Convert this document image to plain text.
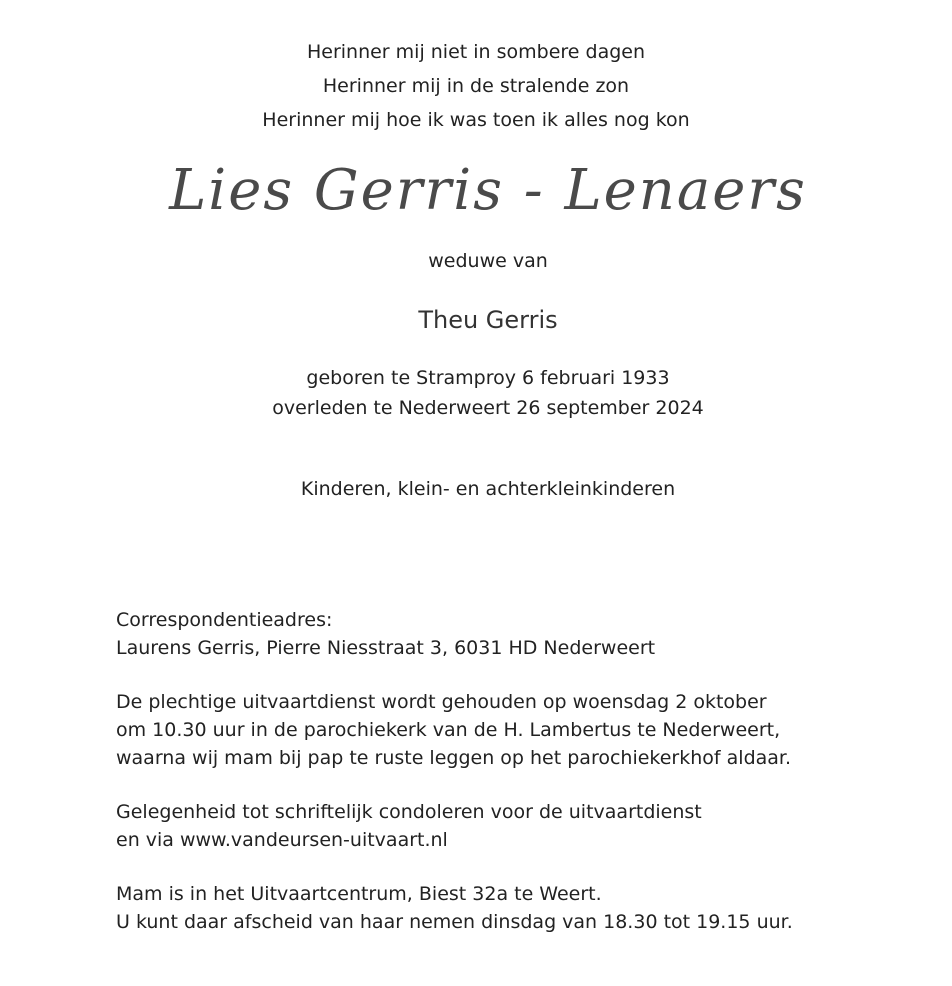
Herinner mij niet in sombere dagen
Herinner mij in de stralende zon
Herinner mij hoe ik was toen ik alles nog kon
Lies Gerris - Lenaers
weduwe van
Theu Gerris
geboren te Stramproy 6 februari 1933
overleden te Nederweert 26 september 2024
Kinderen, klein- en achterkleinkinderen
Correspondentieadres:
Laurens Gerris, Pierre Niesstraat 3, 6031 HD Nederweert
De plechtige uitvaartdienst wordt gehouden op woensdag 2 oktober
om 10.30 uur in de parochiekerk van de H. Lambertus te Nederweert,
waarna wij mam bij pap te ruste leggen op het parochiekerkhof aldaar.
Gelegenheid tot schriftelijk condoleren voor de uitvaartdienst
en via www.vandeursen-uitvaart.nl
Mam is in het Uitvaartcentrum, Biest 32a te Weert.
U kunt daar afscheid van haar nemen dinsdag van 18.30 tot 19.15 uur.
